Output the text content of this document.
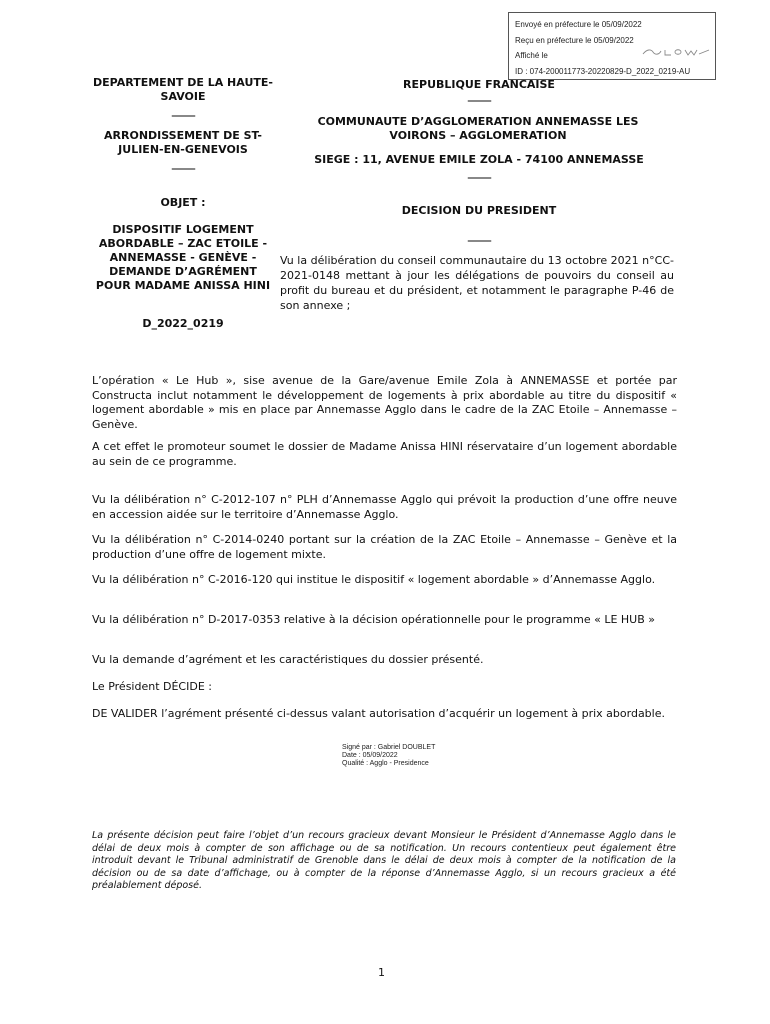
Envoyé en préfecture le 05/09/2022
Reçu en préfecture le 05/09/2022
Affiché le
ID : 074-200011773-20220829-D_2022_0219-AU
DEPARTEMENT DE LA HAUTE-SAVOIE
_____
ARRONDISSEMENT DE ST-JULIEN-EN-GENEVOIS
_____
OBJET :
DISPOSITIF LOGEMENT ABORDABLE – ZAC ETOILE - ANNEMASSE - GENÈVE - DEMANDE D’AGRÉMENT POUR MADAME ANISSA HINI
D_2022_0219
REPUBLIQUE FRANCAISE
_____
COMMUNAUTE D’AGGLOMERATION ANNEMASSE LES VOIRONS – AGGLOMERATION
SIEGE : 11, AVENUE EMILE ZOLA - 74100 ANNEMASSE
_____
DECISION DU PRESIDENT
_____
Vu la délibération du conseil communautaire du 13 octobre 2021 n°CC-2021-0148 mettant à jour les délégations de pouvoirs du conseil au profit du bureau et du président, et notamment le paragraphe P-46 de son annexe ;
L’opération « Le Hub », sise avenue de la Gare/avenue Emile Zola à ANNEMASSE et portée par Constructa inclut notamment le développement de logements à prix abordable au titre du dispositif « logement abordable » mis en place par Annemasse Agglo dans le cadre de la ZAC Etoile – Annemasse – Genève.
A cet effet le promoteur soumet le dossier de Madame Anissa HINI réservataire d’un logement abordable au sein de ce programme.
Vu la délibération n° C-2012-107 n° PLH d’Annemasse Agglo qui prévoit la production d’une offre neuve en accession aidée sur le territoire d’Annemasse Agglo.
Vu la délibération n° C-2014-0240 portant sur la création de la ZAC Etoile – Annemasse – Genève et la production d’une offre de logement mixte.
Vu la délibération n° C-2016-120 qui institue le dispositif « logement abordable » d’Annemasse Agglo.
Vu la délibération n° D-2017-0353 relative à la décision opérationnelle pour le programme « LE HUB »
Vu la demande d’agrément et les caractéristiques du dossier présenté.
Le Président DÉCIDE :
DE VALIDER l’agrément présenté ci-dessus valant autorisation d’acquérir un logement à prix abordable.
Signé par : Gabriel DOUBLET
Date : 05/09/2022
Qualité : Agglo - Presidence
La présente décision peut faire l’objet d’un recours gracieux devant Monsieur le Président d’Annemasse Agglo dans le délai de deux mois à compter de son affichage ou de sa notification. Un recours contentieux peut également être introduit devant le Tribunal administratif de Grenoble dans le délai de deux mois à compter de la notification de la décision ou de sa date d’affichage, ou à compter de la réponse d’Annemasse Agglo, si un recours gracieux a été préalablement déposé.
1
